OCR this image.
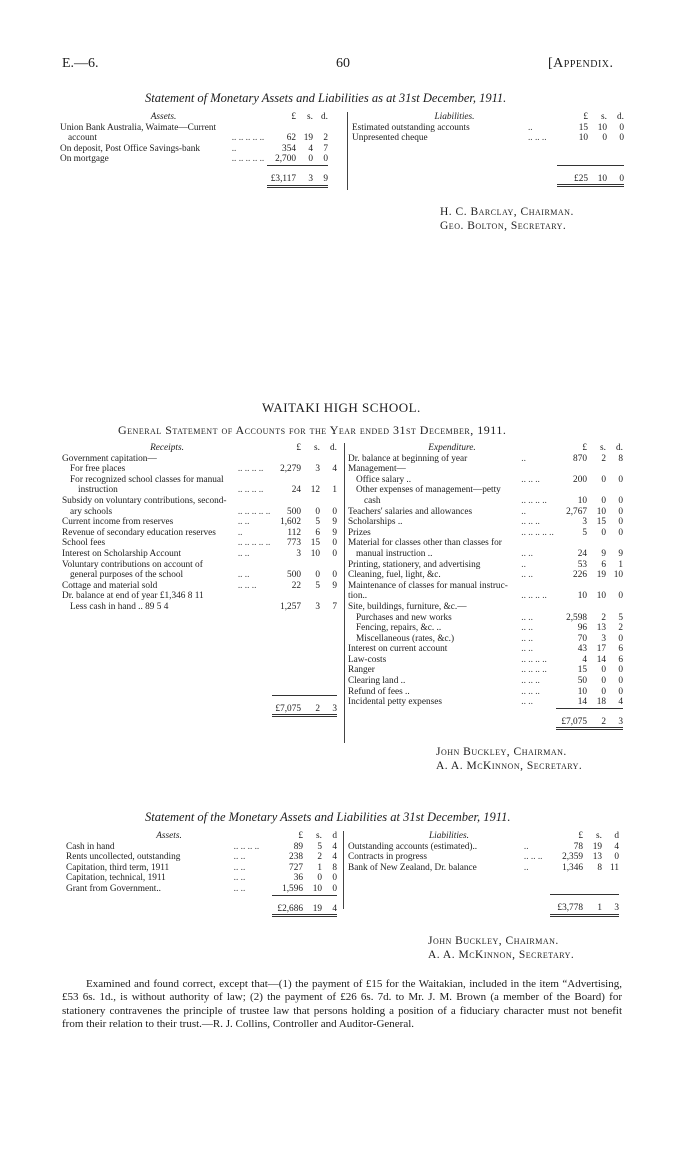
E.—6.	60	[Appendix.
Statement of Monetary Assets and Liabilities as at 31st December, 1911.
Assets.		£	s.	d.
Union Bank Australia, Waimate—Current				
account	.. .. .. .. ..	62	19	2
On deposit, Post Office Savings-bank	..	354	4	7
On mortgage	.. .. .. .. ..	2,700	0	0
		£3,117	3	9
Liabilities.		£	s.	d.
Estimated outstanding accounts	..	15	10	0
Unpresented cheque	.. .. ..	10	0	0

		£25	10	0
H. C. Barclay, Chairman.
Geo. Bolton, Secretary.
WAITAKI HIGH SCHOOL.
General Statement of Accounts for the Year ended 31st December, 1911.
Receipts.		£	s.	d.
Government capitation—				
For free places	.. .. .. ..	2,279	3	4
For recognized school classes for manual				
instruction	.. .. .. ..	24	12	1
Subsidy on voluntary contributions, second-				
ary schools	.. .. .. .. ..	500	0	0
Current income from reserves	.. ..	1,602	5	9
Revenue of secondary education reserves	..	112	6	9
School fees	.. .. .. .. ..	773	15	0
Interest on Scholarship Account	.. ..	3	10	0
Voluntary contributions on account of				
general purposes of the school	.. ..	500	0	0
Cottage and material sold	.. .. ..	22	5	9
Dr. balance at end of year £1,346 8 11				
Less cash in hand .. 89 5 4		1,257	3	7

		£7,075	2	3
Expenditure.		£	s.	d.
Dr. balance at beginning of year	..	870	2	8
Management—				
Office salary ..	.. .. ..	200	0	0
Other expenses of management—petty				
cash	.. .. .. ..	10	0	0
Teachers' salaries and allowances	..	2,767	10	0
Scholarships ..	.. .. ..	3	15	0
Prizes	.. .. .. .. ..	5	0	0
Material for classes other than classes for				
manual instruction ..	.. ..	24	9	9
Printing, stationery, and advertising	..	53	6	1
Cleaning, fuel, light, &c.	.. ..	226	19	10
Maintenance of classes for manual instruc-				
tion..	.. .. .. ..	10	10	0
Site, buildings, furniture, &c.—				
Purchases and new works	.. ..	2,598	2	5
Fencing, repairs, &c. ..	.. ..	96	13	2
Miscellaneous (rates, &c.)	.. ..	70	3	0
Interest on current account	.. ..	43	17	6
Law-costs	.. .. .. ..	4	14	6
Ranger	.. .. .. ..	15	0	0
Clearing land ..	.. .. ..	50	0	0
Refund of fees ..	.. .. ..	10	0	0
Incidental petty expenses	.. ..	14	18	4
		£7,075	2	3
John Buckley, Chairman.
A. A. McKinnon, Secretary.
Statement of the Monetary Assets and Liabilities at 31st December, 1911.
Assets.		£	s.	d
Cash in hand	.. .. .. ..	89	5	4
Rents uncollected, outstanding	.. ..	238	2	4
Capitation, third term, 1911	.. ..	727	1	8
Capitation, technical, 1911	.. ..	36	0	0
Grant from Government..	.. ..	1,596	10	0
		£2,686	19	4
Liabilities.		£	s.	d
Outstanding accounts (estimated)..	..	78	19	4
Contracts in progress	.. .. ..	2,359	13	0
Bank of New Zealand, Dr. balance	..	1,346	8	11

		£3,778	1	3
John Buckley, Chairman.
A. A. McKinnon, Secretary.
Examined and found correct, except that—(1) the payment of £15 for the Waitakian, included in the item “Advertising, £53 6s. 1d., is without authority of law; (2) the payment of £26 6s. 7d. to Mr. J. M. Brown (a member of the Board) for stationery contravenes the principle of trustee law that persons holding a position of a fiduciary character must not benefit from their relation to their trust.—R. J. Collins, Controller and Auditor-General.
